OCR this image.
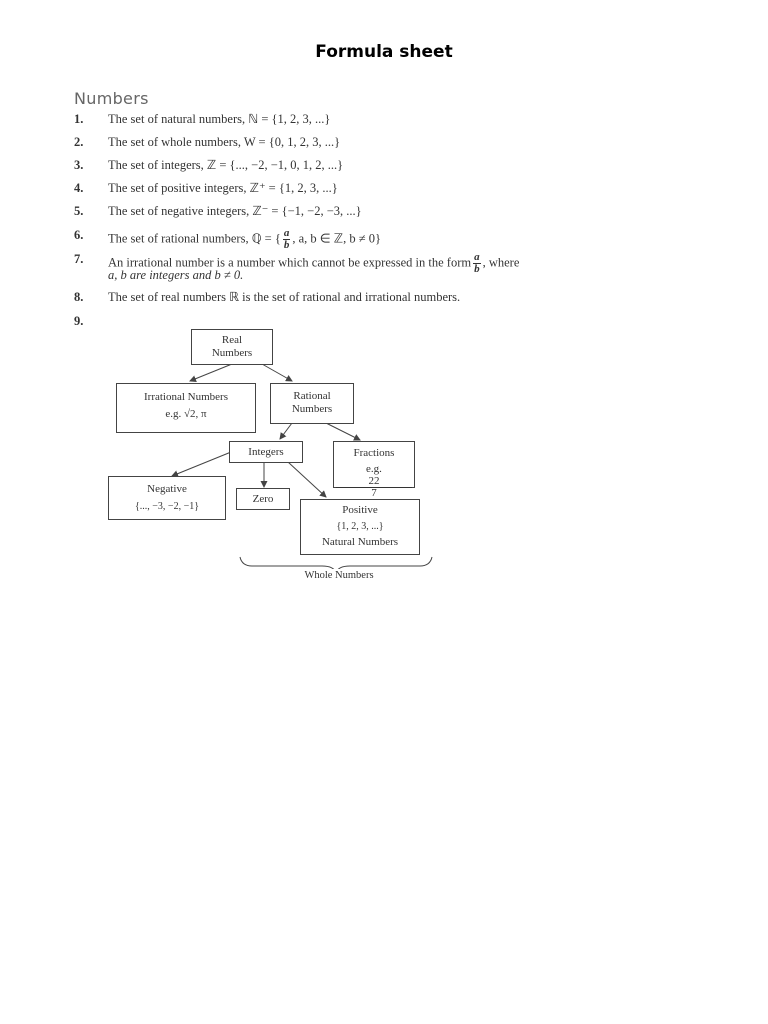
Formula sheet
Numbers
1.	The set of natural numbers, ℕ = {1, 2, 3, ...}
2.	The set of whole numbers, W = {0, 1, 2, 3, ...}
3.	The set of integers, ℤ = {..., −2, −1, 0, 1, 2, ...}
4.	The set of positive integers, ℤ⁺ = {1, 2, 3, ...}
5.	The set of negative integers, ℤ⁻ = {−1, −2, −3, ...}
6.	The set of rational numbers, ℚ = { $\frac{a}{b}$ , a, b ∈ ℤ, b ≠ 0}
7.	An irrational number is a number which cannot be expressed in the form $\frac{a}{b}$ , where
a, b are integers and b ≠ 0.
8.	The set of real numbers ℝ is the set of rational and irrational numbers.
9.
Real
Numbers
Irrational Numbers
e.g. √2, π
Rational
Numbers
Integers	Fractions
e.g.
22
7
Negative
{..., −3, −2, −1}
Zero
Positive
{1, 2, 3, ...}
Natural Numbers
Whole Numbers
